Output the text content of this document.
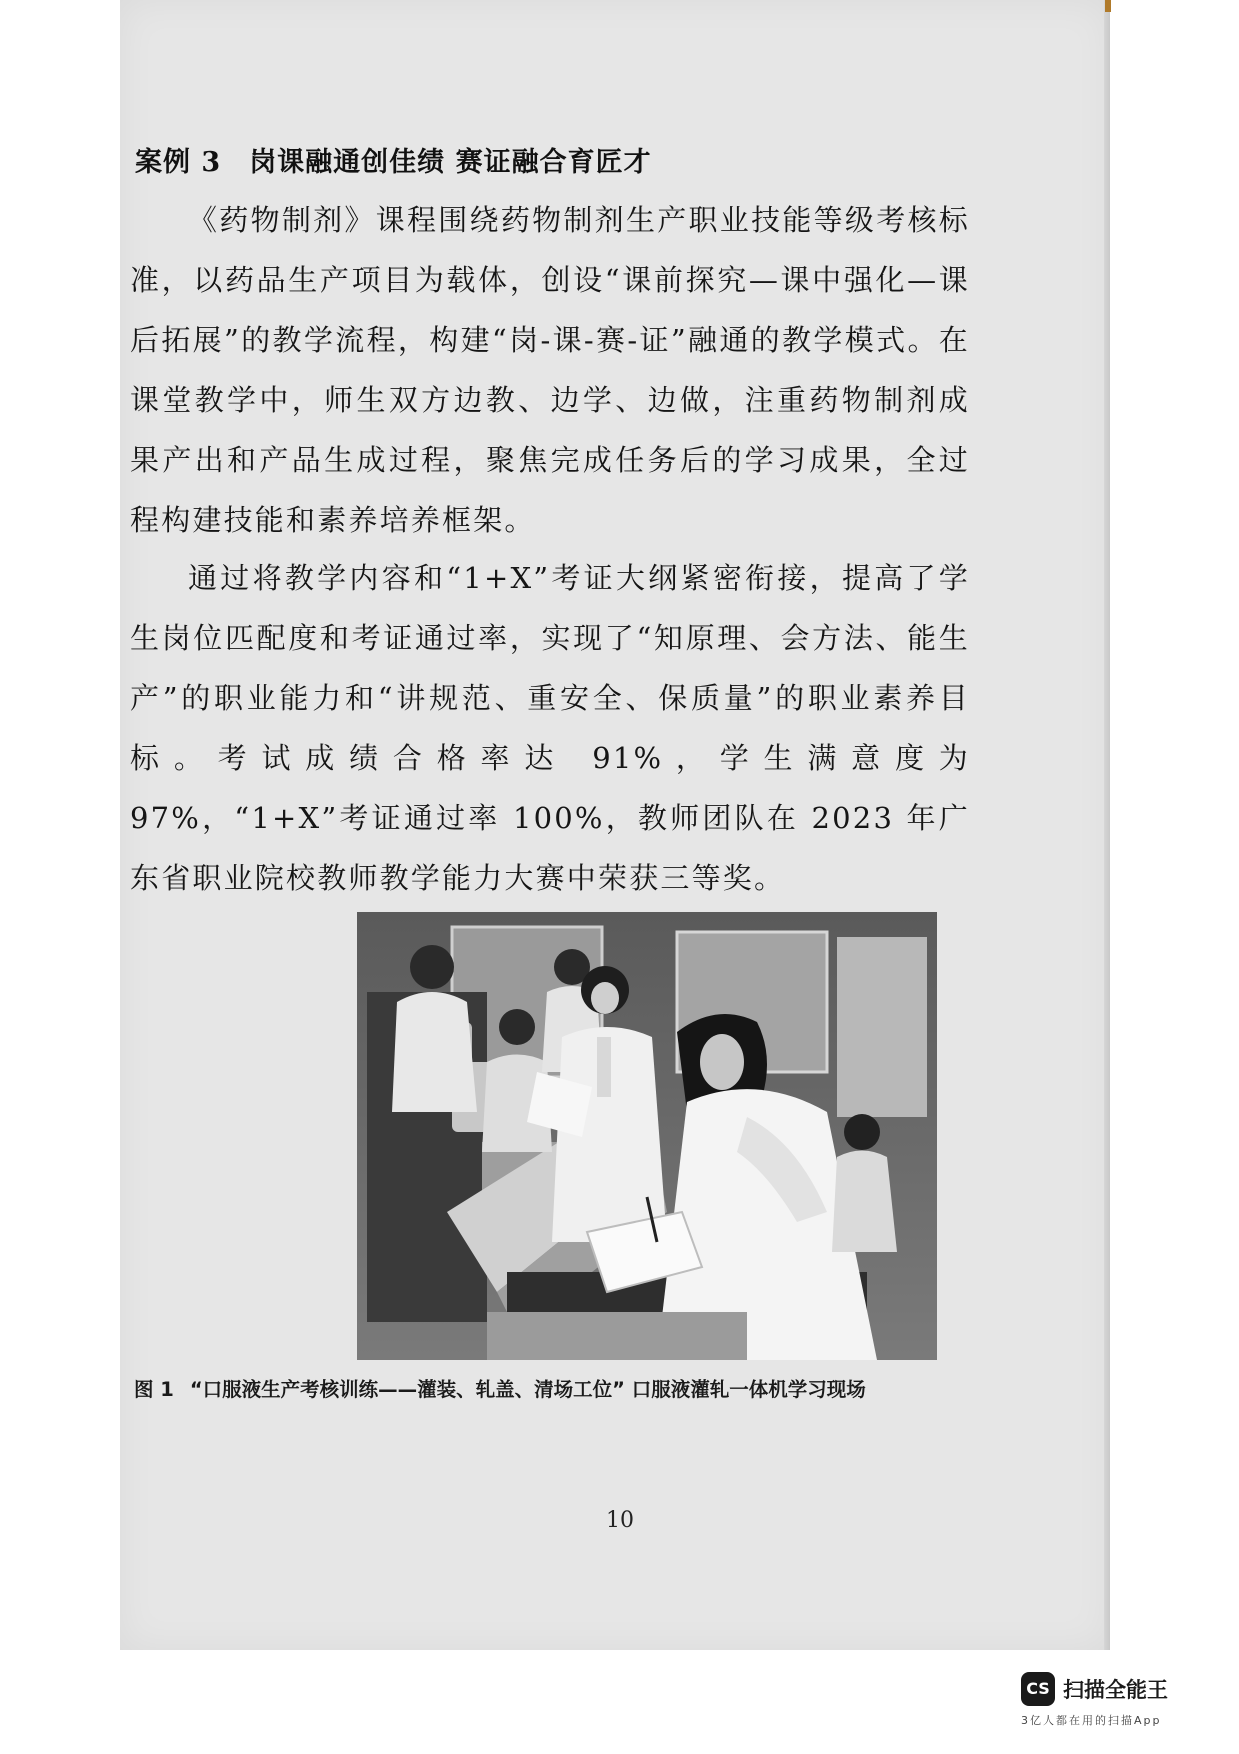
案例 3 岗课融通创佳绩 赛证融合育匠才

《药物制剂》课程围绕药物制剂生产职业技能等级考核标准，以药品生产项目为载体，创设“课前探究—课中强化—课后拓展”的教学流程，构建“岗-课-赛-证”融通的教学模式。在课堂教学中，师生双方边教、边学、边做，注重药物制剂成果产出和产品生成过程，聚焦完成任务后的学习成果，全过程构建技能和素养培养框架。

通过将教学内容和“1+X”考证大纲紧密衔接，提高了学生岗位匹配度和考证通过率，实现了“知原理、会方法、能生产”的职业能力和“讲规范、重安全、保质量”的职业素养目标。考试成绩合格率达 91%，学生满意度为 97%，“1+X”考证通过率 100%，教师团队在 2023 年广东省职业院校教师教学能力大赛中荣获三等奖。

图 1 “口服液生产考核训练——灌装、轧盖、清场工位” 口服液灌轧一体机学习现场
10
CS 扫描全能王
3亿人都在用的扫描App
